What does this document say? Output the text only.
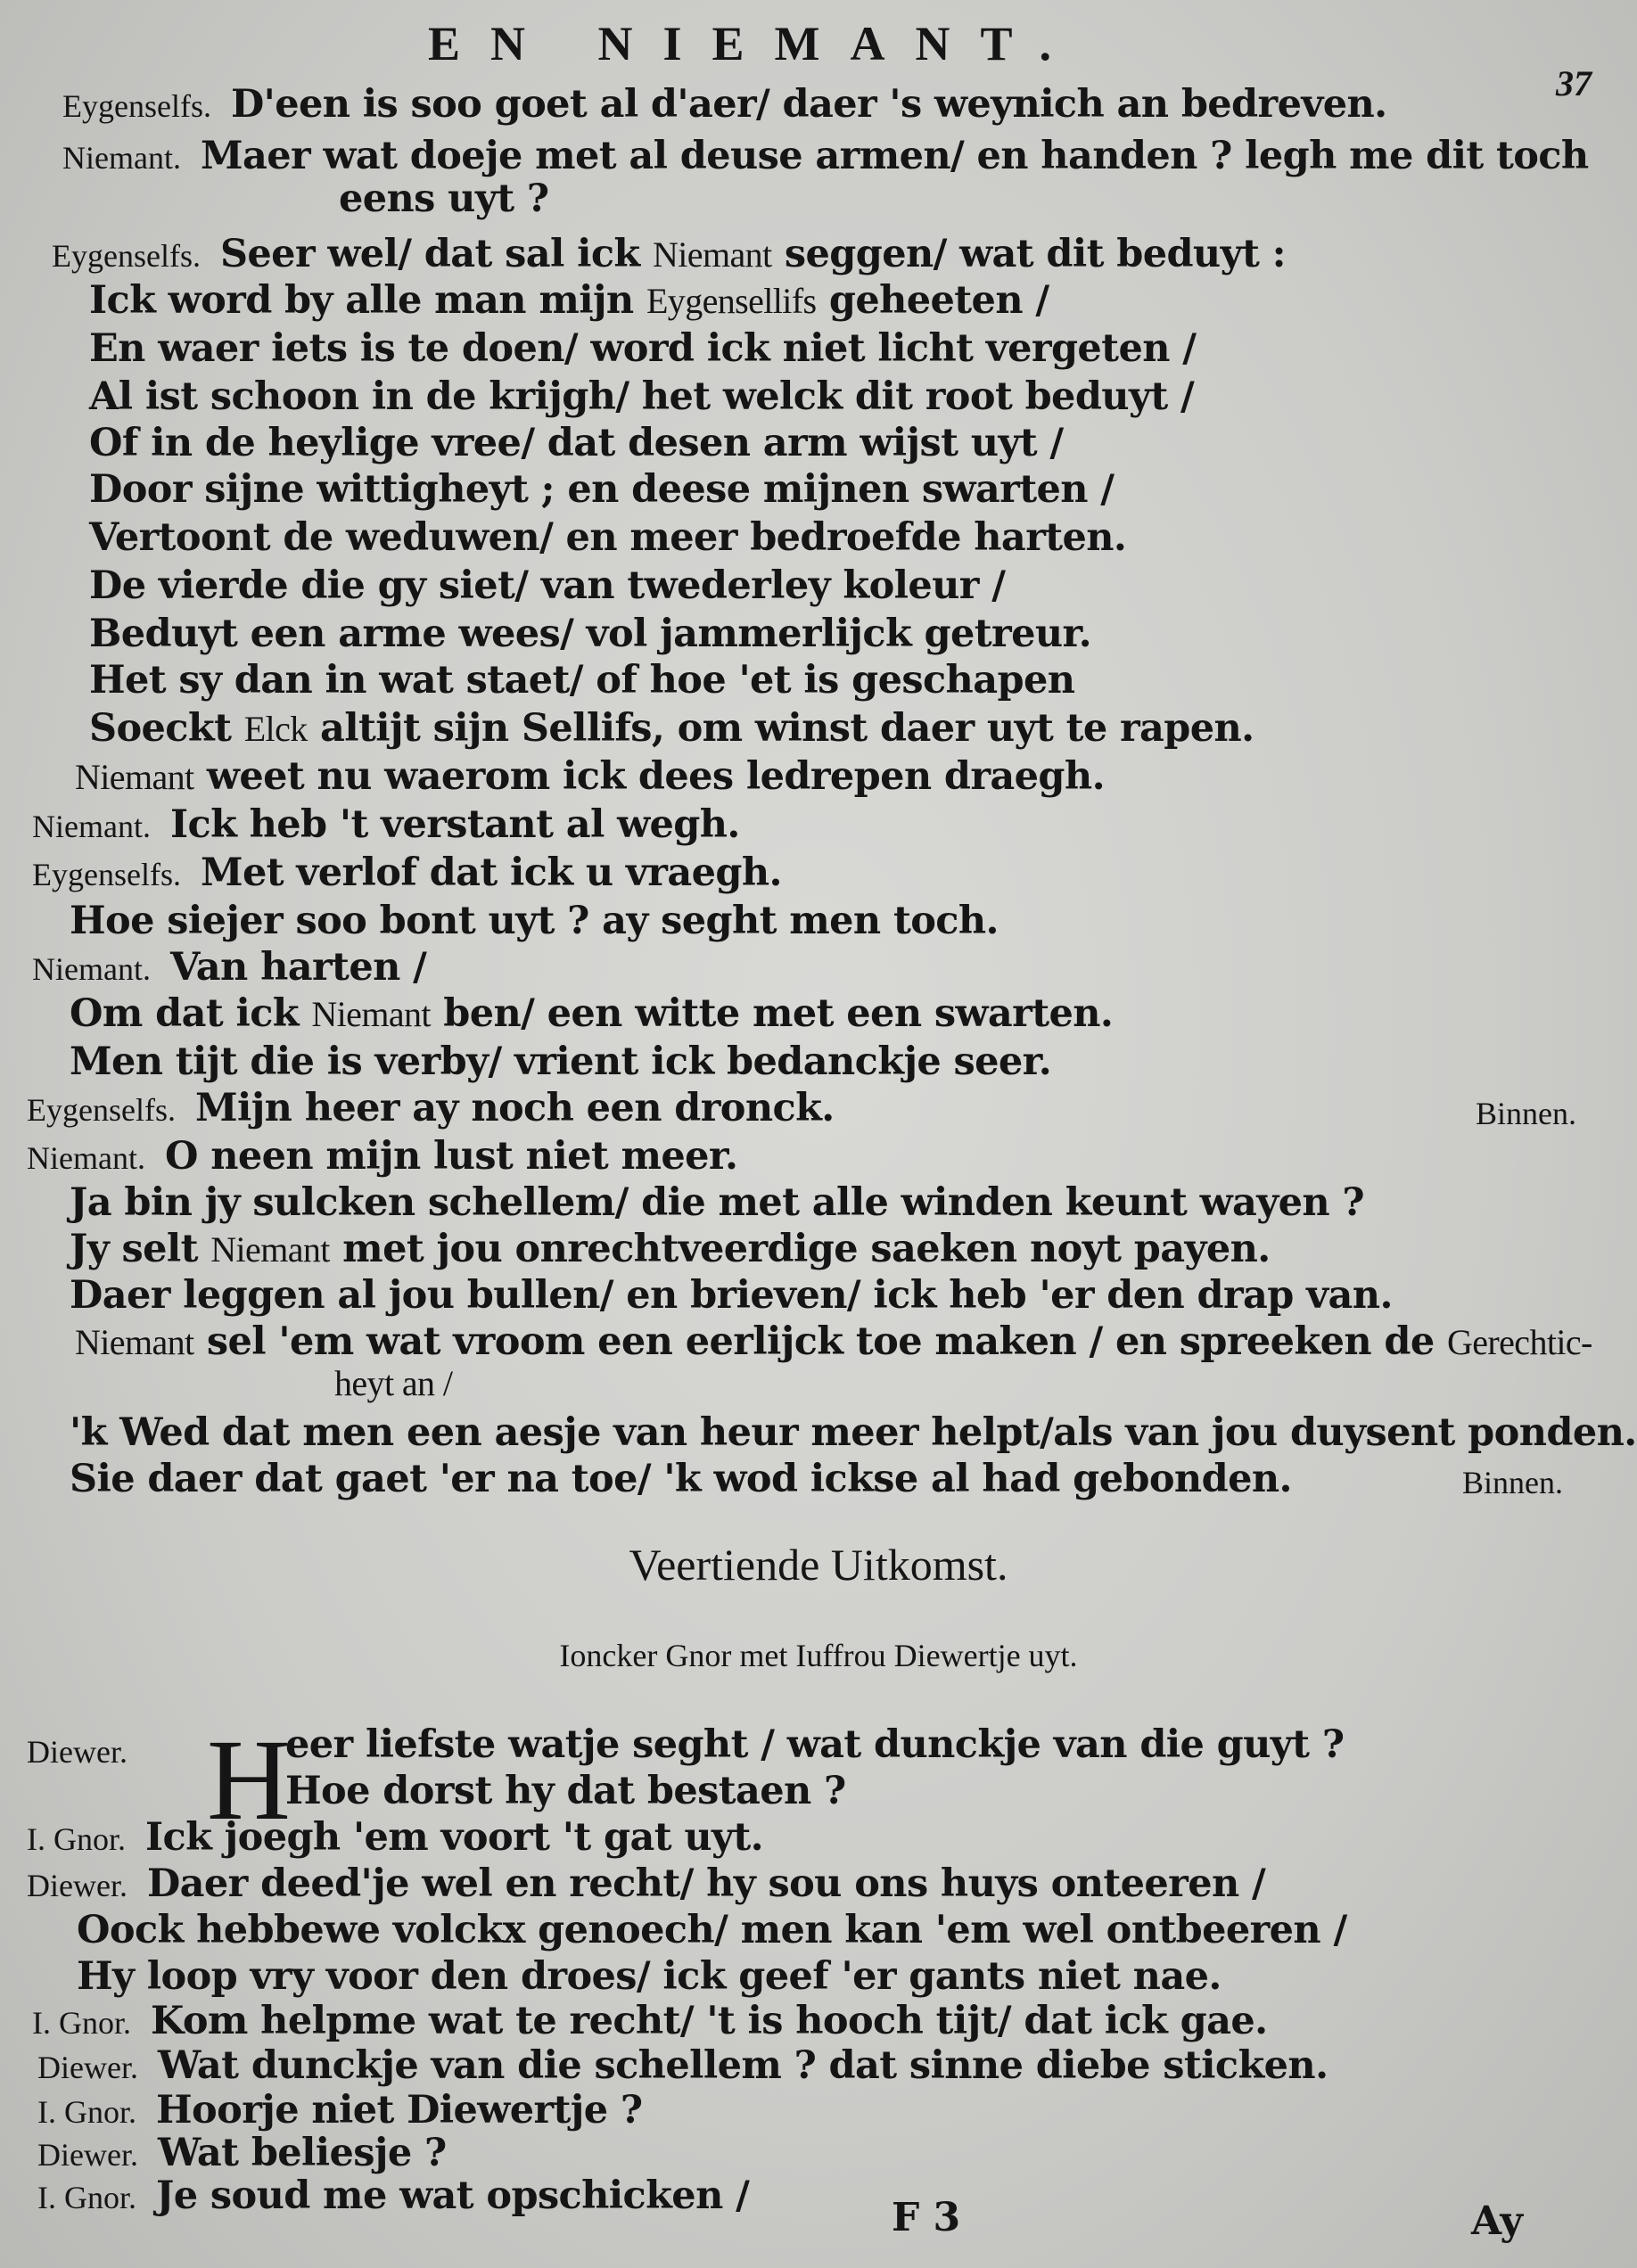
EN NIEMANT.
37

Eygenselfs. D'een is soo goet al d'aer/ daer 's weynich an bedreven.
Niemant. Maer wat doeje met al deuse armen/ en handen ? legh me dit toch
eens uyt ?
Eygenselfs. Seer wel/ dat sal ick Niemant seggen/ wat dit beduyt :
Ick word by alle man mijn Eygensellifs geheeten /
En waer iets is te doen/ word ick niet licht vergeten /
Al ist schoon in de krijgh/ het welck dit root beduyt /
Of in de heylige vree/ dat desen arm wijst uyt /
Door sijne wittigheyt ; en deese mijnen swarten /
Vertoont de weduwen/ en meer bedroefde harten.
De vierde die gy siet/ van twederley koleur /
Beduyt een arme wees/ vol jammerlijck getreur.
Het sy dan in wat staet/ of hoe 'et is geschapen
Soeckt Elck altijt sijn Sellifs, om winst daer uyt te rapen.
Niemant weet nu waerom ick dees ledrepen draegh.
Niemant. Ick heb 't verstant al wegh.
Eygenselfs. Met verlof dat ick u vraegh.
Hoe siejer soo bont uyt ? ay seght men toch.
Niemant. Van harten /
Om dat ick Niemant ben/ een witte met een swarten.
Men tijt die is verby/ vrient ick bedanckje seer.
Eygenselfs. Mijn heer ay noch een dronck.	Binnen.
Niemant. O neen mijn lust niet meer.
Ja bin jy sulcken schellem/ die met alle winden keunt wayen ?
Jy selt Niemant met jou onrechtveerdige saeken noyt payen.
Daer leggen al jou bullen/ en brieven/ ick heb 'er den drap van.
Niemant sel 'em wat vroom een eerlijck toe maken / en spreeken de Gerechtic-
heyt an /
'k Wed dat men een aesje van heur meer helpt/als van jou duysent ponden.
Sie daer dat gaet 'er na toe/ 'k wod ickse al had gebonden.	Binnen.
Veertiende Uitkomst.
Ioncker Gnor met Iuffrou Diewertje uyt.
H
Diewer.	eer liefste watje seght / wat dunckje van die guyt ?
Hoe dorst hy dat bestaen ?
I. Gnor. Ick joegh 'em voort 't gat uyt.
Diewer. Daer deed'je wel en recht/ hy sou ons huys onteeren /
Oock hebbewe volckx genoech/ men kan 'em wel ontbeeren /
Hy loop vry voor den droes/ ick geef 'er gants niet nae.
I. Gnor. Kom helpme wat te recht/ 't is hooch tijt/ dat ick gae.
Diewer. Wat dunckje van die schellem ? dat sinne diebe sticken.
I. Gnor. Hoorje niet Diewertje ?
Diewer. Wat beliesje ?
I. Gnor. Je soud me wat opschicken /	F 3	Ay
